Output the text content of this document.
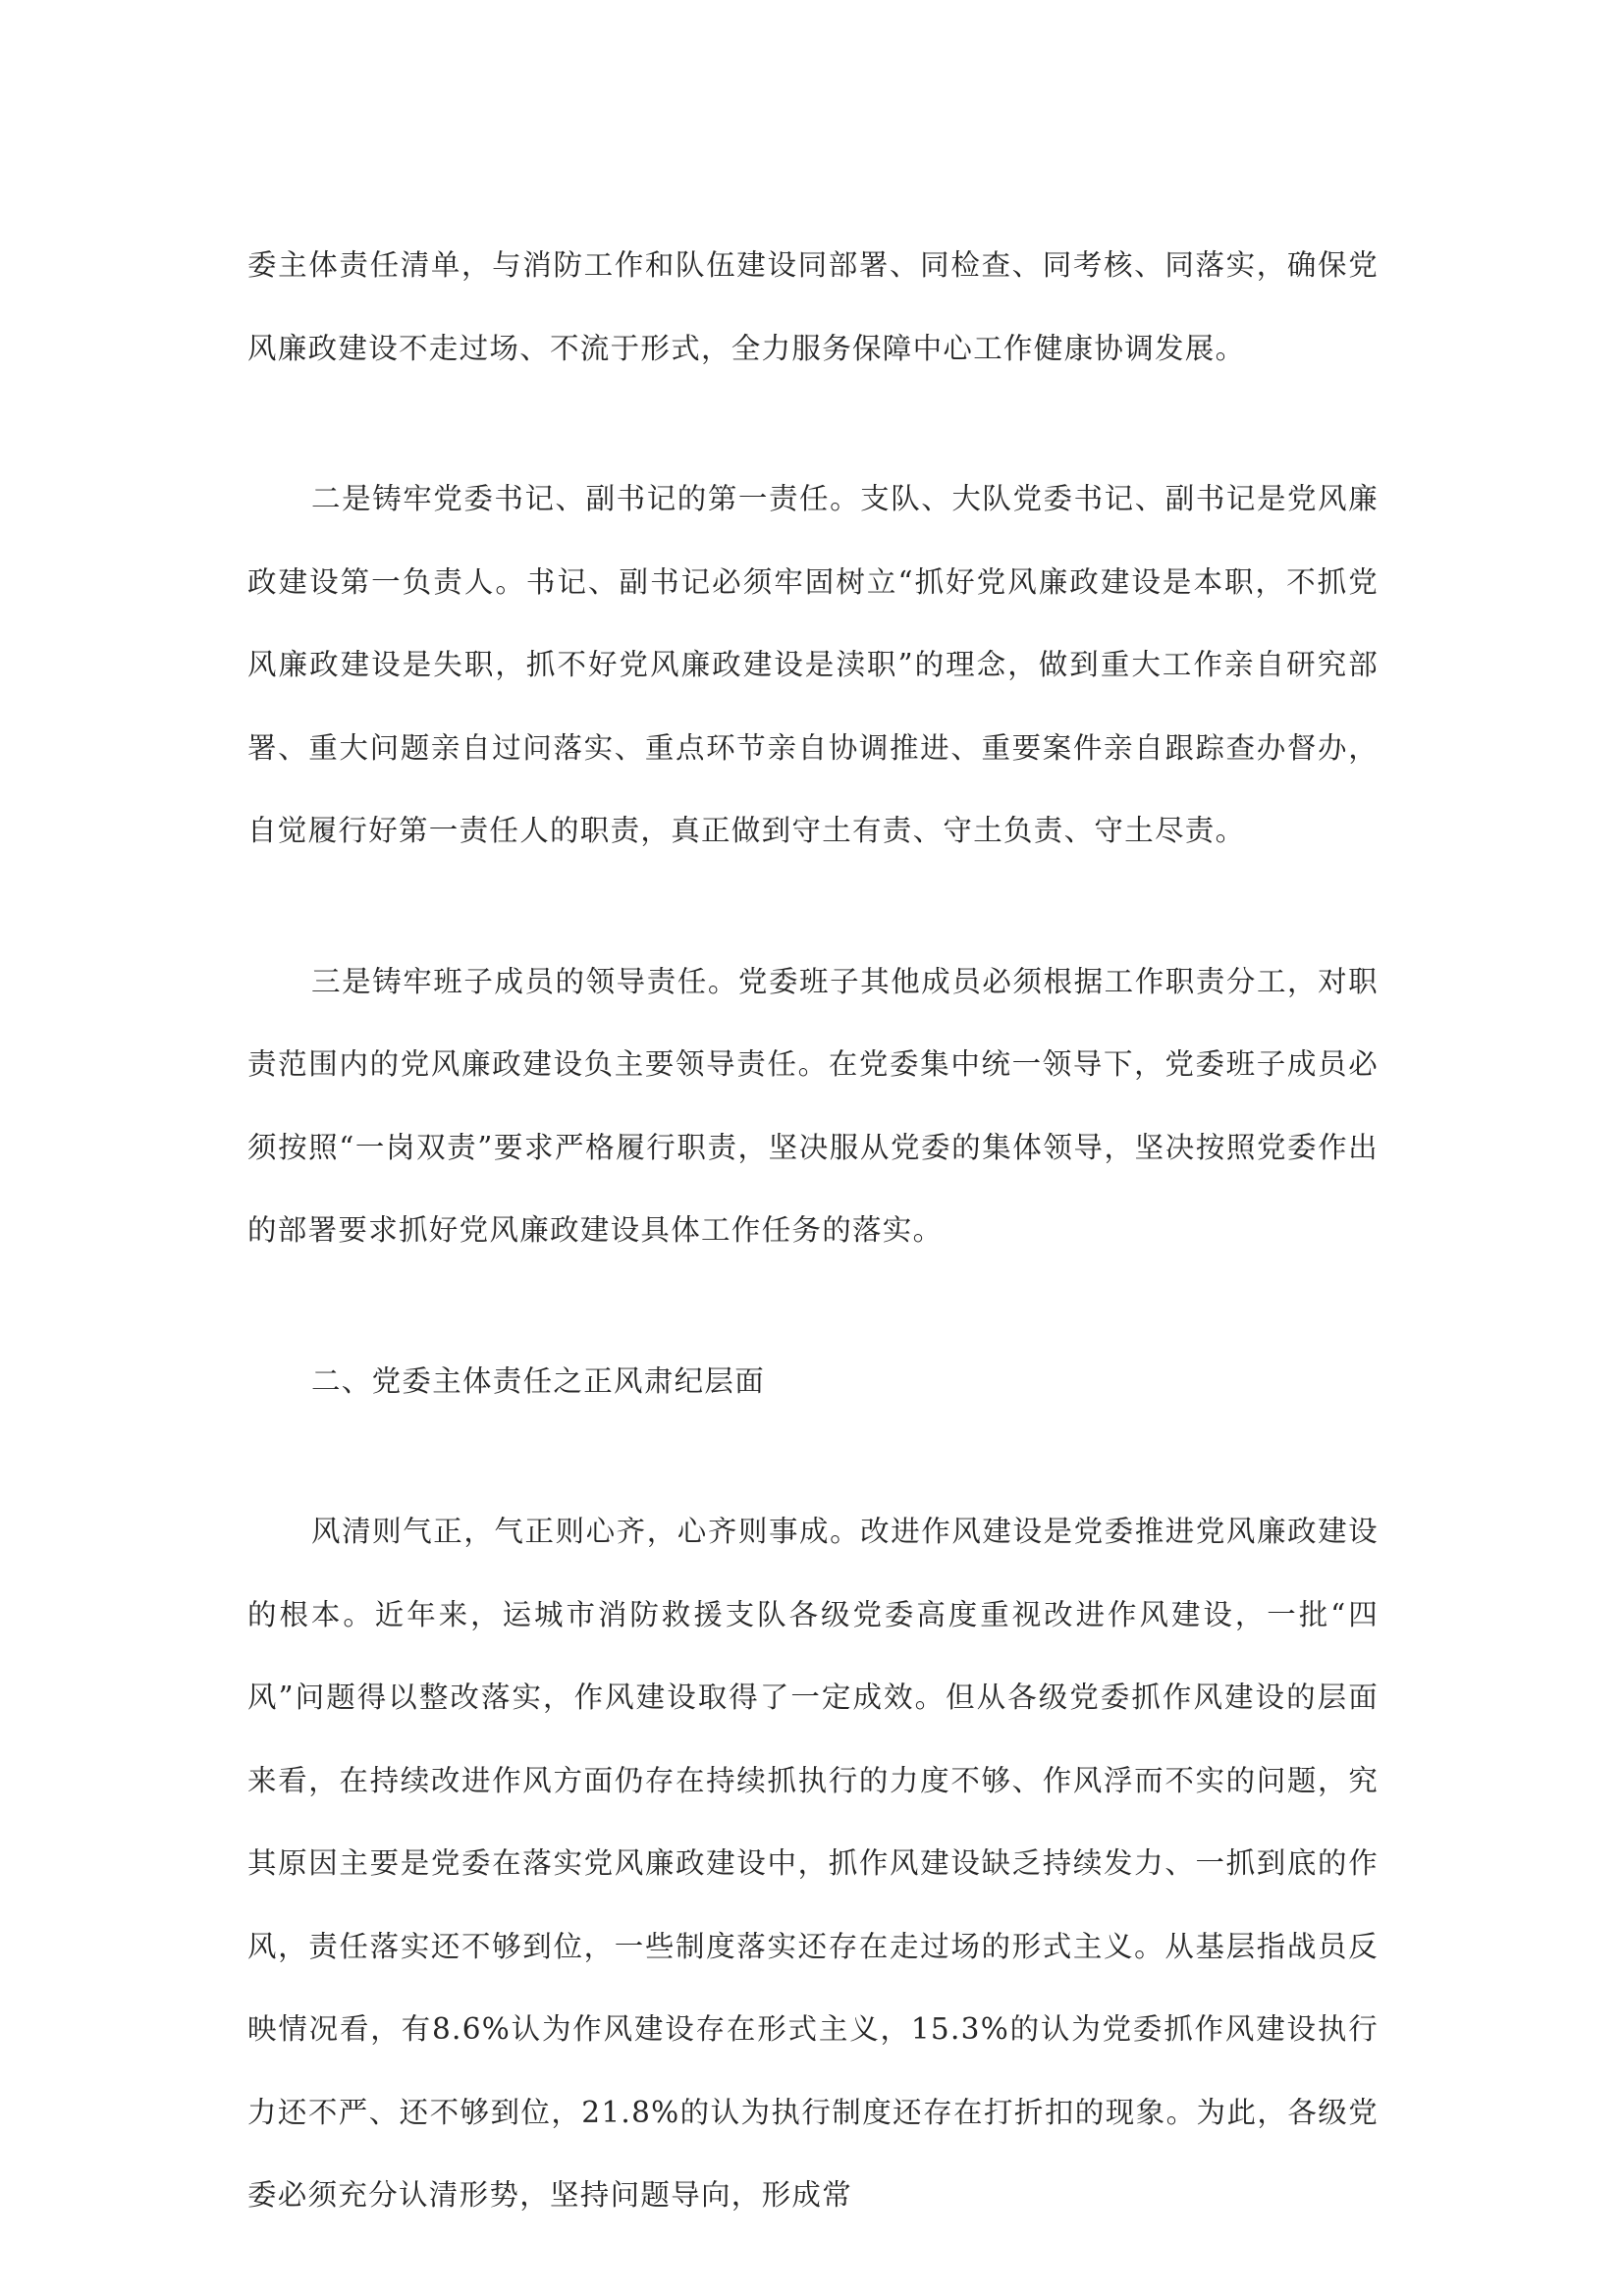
委主体责任清单，与消防工作和队伍建设同部署、同检查、同考核、同落实，确保党风廉政建设不走过场、不流于形式，全力服务保障中心工作健康协调发展。

二是铸牢党委书记、副书记的第一责任。支队、大队党委书记、副书记是党风廉政建设第一负责人。书记、副书记必须牢固树立“抓好党风廉政建设是本职，不抓党风廉政建设是失职，抓不好党风廉政建设是渎职”的理念，做到重大工作亲自研究部署、重大问题亲自过问落实、重点环节亲自协调推进、重要案件亲自跟踪查办督办，自觉履行好第一责任人的职责，真正做到守土有责、守土负责、守土尽责。

三是铸牢班子成员的领导责任。党委班子其他成员必须根据工作职责分工，对职责范围内的党风廉政建设负主要领导责任。在党委集中统一领导下，党委班子成员必须按照“一岗双责”要求严格履行职责，坚决服从党委的集体领导，坚决按照党委作出的部署要求抓好党风廉政建设具体工作任务的落实。

二、党委主体责任之正风肃纪层面

风清则气正，气正则心齐，心齐则事成。改进作风建设是党委推进党风廉政建设的根本。近年来，运城市消防救援支队各级党委高度重视改进作风建设，一批“四风”问题得以整改落实，作风建设取得了一定成效。但从各级党委抓作风建设的层面来看，在持续改进作风方面仍存在持续抓执行的力度不够、作风浮而不实的问题，究其原因主要是党委在落实党风廉政建设中，抓作风建设缺乏持续发力、一抓到底的作风，责任落实还不够到位，一些制度落实还存在走过场的形式主义。从基层指战员反映情况看，有8.6%认为作风建设存在形式主义，15.3%的认为党委抓作风建设执行力还不严、还不够到位，21.8%的认为执行制度还存在打折扣的现象。为此，各级党委必须充分认清形势，坚持问题导向，形成常
